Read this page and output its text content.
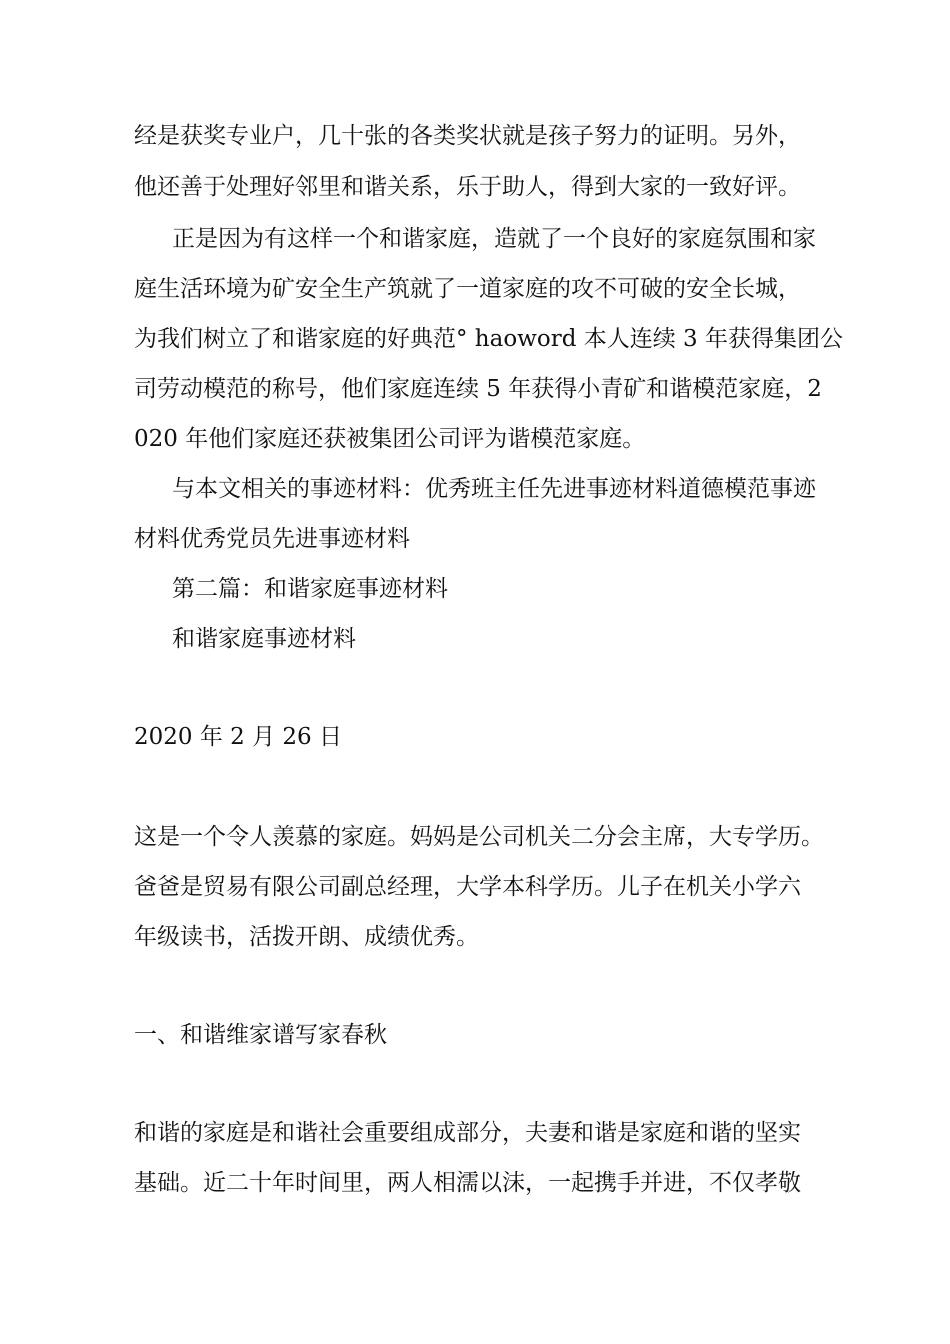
经是获奖专业户，几十张的各类奖状就是孩子努力的证明。另外，
他还善于处理好邻里和谐关系，乐于助人，得到大家的一致好评。
正是因为有这样一个和谐家庭，造就了一个良好的家庭氛围和家
庭生活环境为矿安全生产筑就了一道家庭的攻不可破的安全长城，
为我们树立了和谐家庭的好典范° haoword 本人连续 3 年获得集团公
司劳动模范的称号，他们家庭连续 5 年获得小青矿和谐模范家庭，2
020 年他们家庭还获被集团公司评为谐模范家庭。
与本文相关的事迹材料：优秀班主任先进事迹材料道德模范事迹
材料优秀党员先进事迹材料
第二篇：和谐家庭事迹材料
和谐家庭事迹材料
2020 年 2 月 26 日
这是一个令人羡慕的家庭。妈妈是公司机关二分会主席，大专学历。
爸爸是贸易有限公司副总经理，大学本科学历。儿子在机关小学六
年级读书，活拨开朗、成绩优秀。
一、和谐维家谱写家春秋
和谐的家庭是和谐社会重要组成部分，夫妻和谐是家庭和谐的坚实
基础。近二十年时间里，两人相濡以沫，一起携手并进，不仅孝敬
